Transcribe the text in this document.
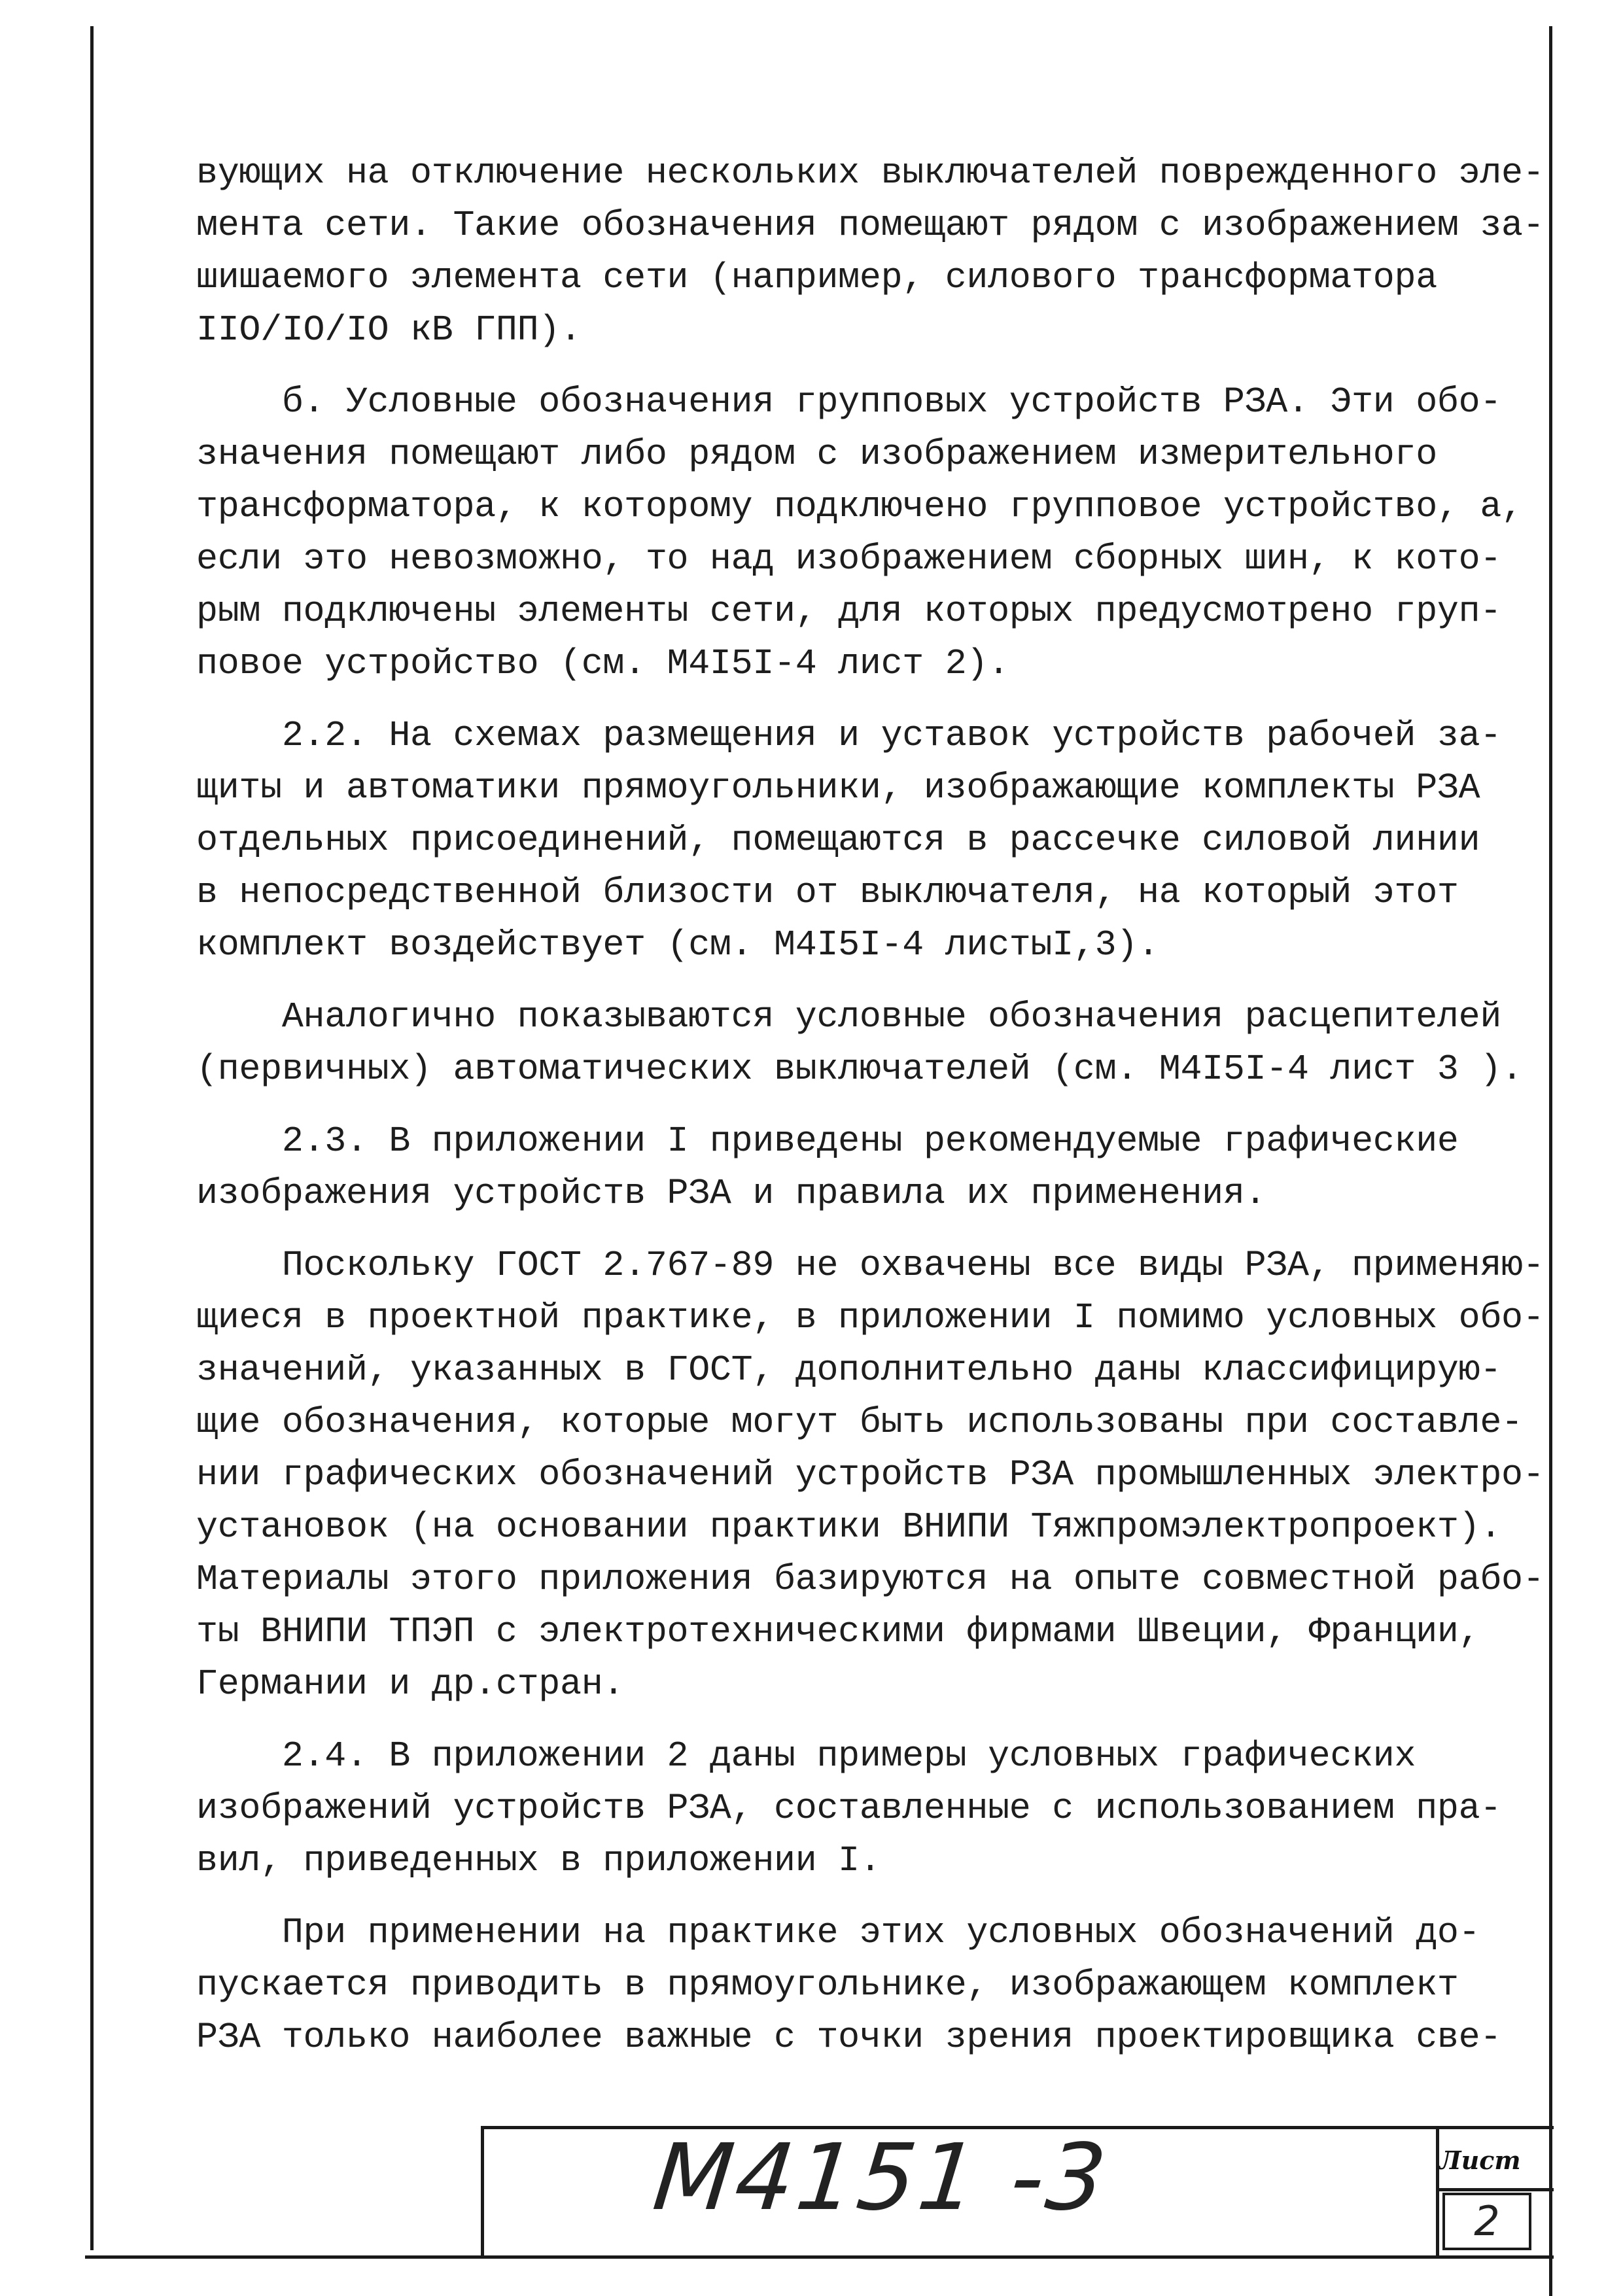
вующих на отключение нескольких выключателей поврежденного эле-
мента сети. Такие обозначения помещают рядом с изображением за-
шишаемого элемента сети (например, силового трансформатора
IIO/IO/IO кВ ГПП).
б. Условные обозначения групповых устройств РЗА. Эти обо-
значения помещают либо рядом с изображением измерительного
трансформатора, к которому подключено групповое устройство, а,
если это невозможно, то над изображением сборных шин, к кото-
рым подключены элементы сети, для которых предусмотрено груп-
повое устройство (см. М4I5I-4 лист 2).
2.2. На схемах размещения и уставок устройств рабочей за-
щиты и автоматики прямоугольники, изображающие комплекты РЗА
отдельных присоединений, помещаются в рассечке силовой линии
в непосредственной близости от выключателя, на который этот
комплект воздействует (см. М4I5I-4 листыI,3).
Аналогично показываются условные обозначения расцепителей
(первичных) автоматических выключателей (см. М4I5I-4 лист 3 ).
2.3. В приложении I приведены рекомендуемые графические
изображения устройств РЗА и правила их применения.
Поскольку ГОСТ 2.767-89 не охвачены все виды РЗА, применяю-
щиеся в проектной практике, в приложении I помимо условных обо-
значений, указанных в ГОСТ, дополнительно даны классифицирую-
щие обозначения, которые могут быть использованы при составле-
нии графических обозначений устройств РЗА промышленных электро-
установок (на основании практики ВНИПИ Тяжпромэлектропроект).
Материалы этого приложения базируются на опыте совместной рабо-
ты ВНИПИ ТПЭП с электротехническими фирмами Швеции, Франции,
Германии и др.стран.
2.4. В приложении 2 даны примеры условных графических
изображений устройств РЗА, составленные с использованием пра-
вил, приведенных в приложении I.
При применении на практике этих условных обозначений до-
пускается приводить в прямоугольнике, изображающем комплект
РЗА только наиболее важные с точки зрения проектировщика све-
M4151 -3	Лист
2
